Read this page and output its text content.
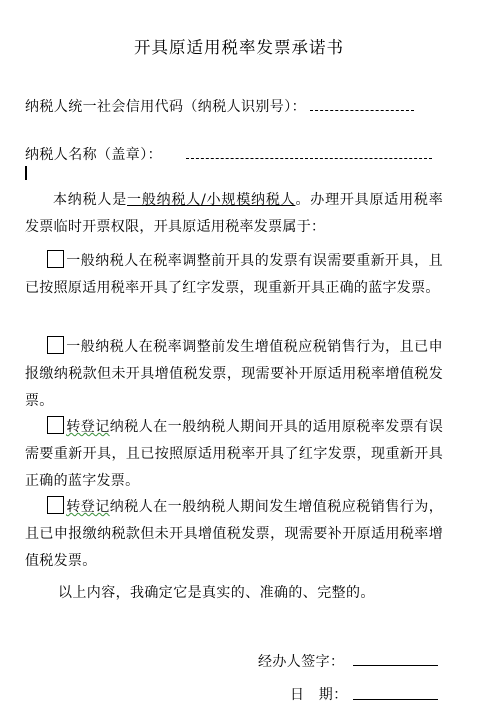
开具原适用税率发票承诺书
纳税人统一社会信用代码（纳税人识别号）：
纳税人名称（盖章）：
本纳税人是一般纳税人/小规模纳税人。办理开具原适用税率发票临时开票权限，开具原适用税率发票属于：
一般纳税人在税率调整前开具的发票有误需要重新开具，且已按照原适用税率开具了红字发票，现重新开具正确的蓝字发票。
一般纳税人在税率调整前发生增值税应税销售行为，且已申报缴纳税款但未开具增值税发票，现需要补开原适用税率增值税发票。
转登记纳税人在一般纳税人期间开具的适用原税率发票有误需要重新开具，且已按照原适用税率开具了红字发票，现重新开具正确的蓝字发票。
转登记纳税人在一般纳税人期间发生增值税应税销售行为，且已申报缴纳税款但未开具增值税发票，现需要补开原适用税率增值税发票。
以上内容，我确定它是真实的、准确的、完整的。
经办人签字：
日　期：
